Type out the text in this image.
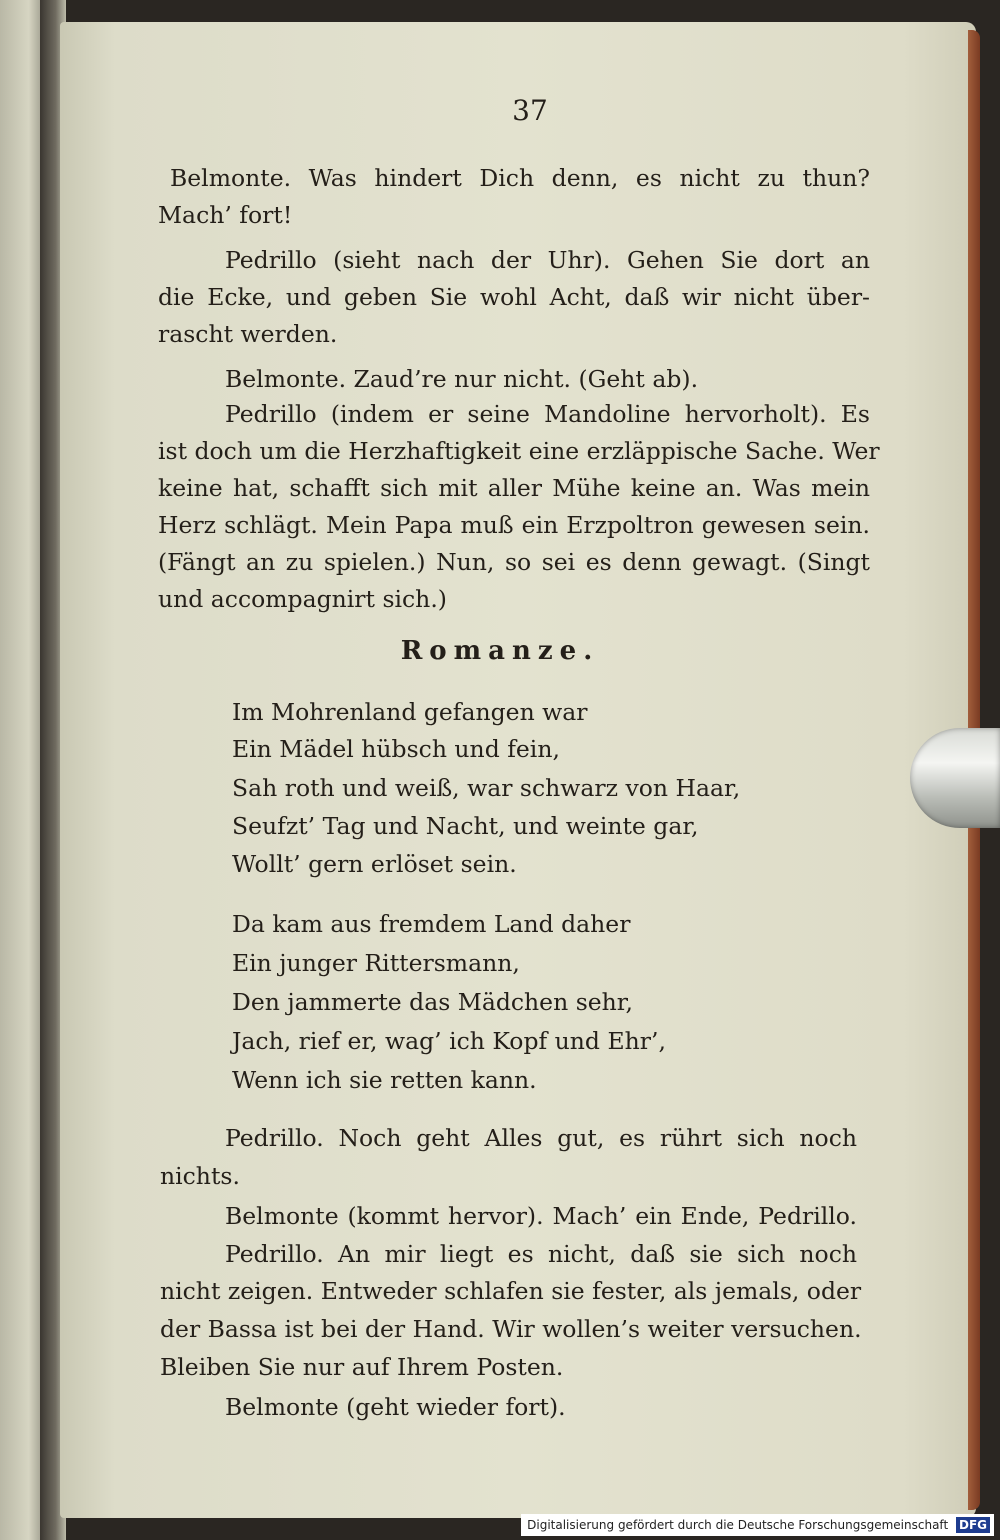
37
Belmonte. Was hindert Dich denn, es nicht zu thun?
Mach’ fort!
Pedrillo (sieht nach der Uhr). Gehen Sie dort an
die Ecke, und geben Sie wohl Acht, daß wir nicht über-
rascht werden.
Belmonte. Zaud’re nur nicht. (Geht ab).
Pedrillo (indem er seine Mandoline hervorholt). Es
ist doch um die Herzhaftigkeit eine erzläppische Sache. Wer
keine hat, schafft sich mit aller Mühe keine an. Was mein
Herz schlägt. Mein Papa muß ein Erzpoltron gewesen sein.
(Fängt an zu spielen.) Nun, so sei es denn gewagt. (Singt
und accompagnirt sich.)
Romanze.
Im Mohrenland gefangen war
Ein Mädel hübsch und fein,
Sah roth und weiß, war schwarz von Haar,
Seufzt’ Tag und Nacht, und weinte gar,
Wollt’ gern erlöset sein.
Da kam aus fremdem Land daher
Ein junger Rittersmann,
Den jammerte das Mädchen sehr,
Jach, rief er, wag’ ich Kopf und Ehr’,
Wenn ich sie retten kann.
Pedrillo. Noch geht Alles gut, es rührt sich noch
nichts.
Belmonte (kommt hervor). Mach’ ein Ende, Pedrillo.
Pedrillo. An mir liegt es nicht, daß sie sich noch
nicht zeigen. Entweder schlafen sie fester, als jemals, oder
der Bassa ist bei der Hand. Wir wollen’s weiter versuchen.
Bleiben Sie nur auf Ihrem Posten.
Belmonte (geht wieder fort).
Digitalisierung gefördert durch die Deutsche Forschungsgemeinschaft DFG
